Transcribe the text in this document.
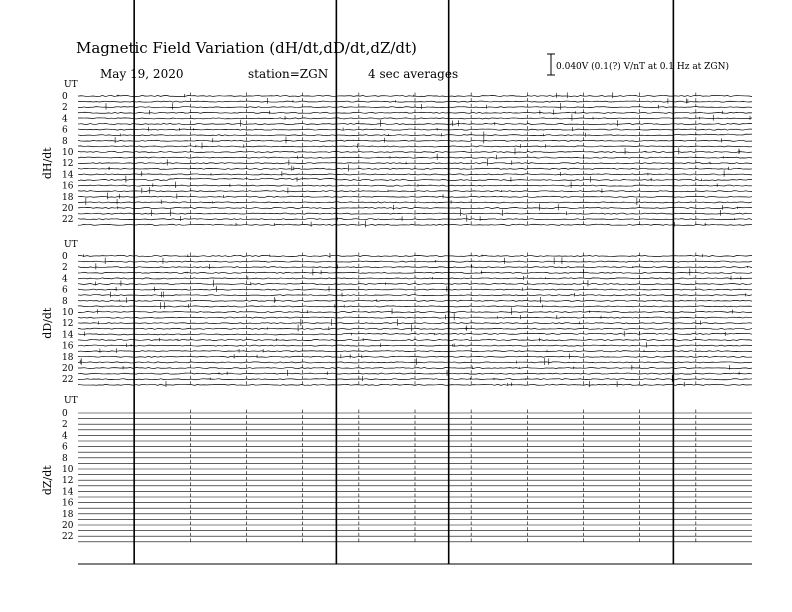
Magnetic Field Variation (dH/dt,dD/dt,dZ/dt)
May 19, 2020	station=ZGN	4 sec averages	0.040V (0.1(?) V/nT at 0.1 Hz at ZGN)
UT
dH/dt
0
2
4
6
8
10
12
14
16
18
20
22
UT
dD/dt
0
2
4
6
8
10
12
14
16
18
20
22
UT
dZ/dt
0
2
4
6
8
10
12
14
16
18
20
22
